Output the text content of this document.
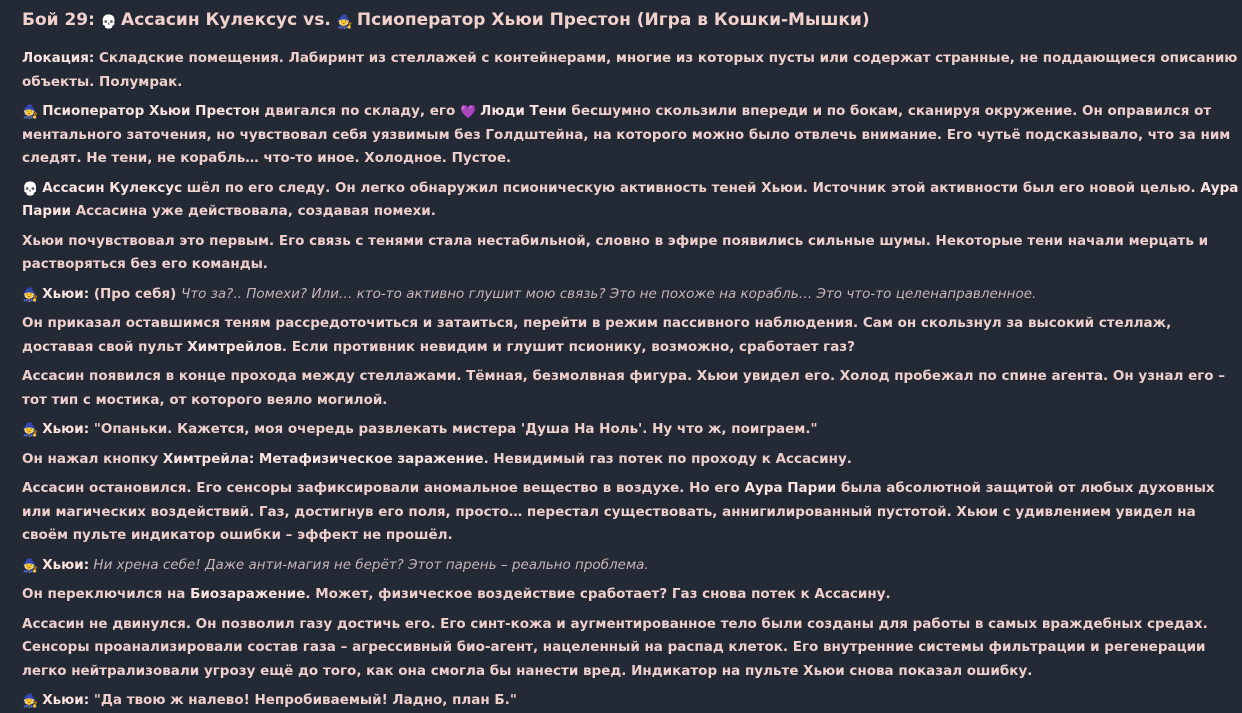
Бой 29: 💀 Ассасин Кулексус vs. 🧙 Псиоператор Хьюи Престон (Игра в Кошки-Мышки)
Локация: Складские помещения. Лабиринт из стеллажей с контейнерами, многие из которых пусты или содержат странные, не поддающиеся описанию объекты. Полумрак.
🧙 Псиоператор Хьюи Престон двигался по складу, его 💜 Люди Тени бесшумно скользили впереди и по бокам, сканируя окружение. Он оправился от ментального заточения, но чувствовал себя уязвимым без Голдштейна, на которого можно было отвлечь внимание. Его чутьё подсказывало, что за ним следят. Не тени, не корабль… что-то иное. Холодное. Пустое.
💀 Ассасин Кулексус шёл по его следу. Он легко обнаружил псионическую активность теней Хьюи. Источник этой активности был его новой целью. Аура Парии Ассасина уже действовала, создавая помехи.
Хьюи почувствовал это первым. Его связь с тенями стала нестабильной, словно в эфире появились сильные шумы. Некоторые тени начали мерцать и растворяться без его команды.
🧙 Хьюи: (Про себя) Что за?.. Помехи? Или… кто-то активно глушит мою связь? Это не похоже на корабль… Это что-то целенаправленное.
Он приказал оставшимся теням рассредоточиться и затаиться, перейти в режим пассивного наблюдения. Сам он скользнул за высокий стеллаж, доставая свой пульт Химтрейлов. Если противник невидим и глушит псионику, возможно, сработает газ?
Ассасин появился в конце прохода между стеллажами. Тёмная, безмолвная фигура. Хьюи увидел его. Холод пробежал по спине агента. Он узнал его – тот тип с мостика, от которого веяло могилой.
🧙 Хьюи: "Опаньки. Кажется, моя очередь развлекать мистера 'Душа На Ноль'. Ну что ж, поиграем."
Он нажал кнопку Химтрейла: Метафизическое заражение. Невидимый газ потек по проходу к Ассасину.
Ассасин остановился. Его сенсоры зафиксировали аномальное вещество в воздухе. Но его Аура Парии была абсолютной защитой от любых духовных или магических воздействий. Газ, достигнув его поля, просто… перестал существовать, аннигилированный пустотой. Хьюи с удивлением увидел на своём пульте индикатор ошибки – эффект не прошёл.
🧙 Хьюи: Ни хрена себе! Даже анти-магия не берёт? Этот парень – реально проблема.
Он переключился на Биозаражение. Может, физическое воздействие сработает? Газ снова потек к Ассасину.
Ассасин не двинулся. Он позволил газу достичь его. Его синт-кожа и аугментированное тело были созданы для работы в самых враждебных средах. Сенсоры проанализировали состав газа – агрессивный био-агент, нацеленный на распад клеток. Его внутренние системы фильтрации и регенерации легко нейтрализовали угрозу ещё до того, как она смогла бы нанести вред. Индикатор на пульте Хьюи снова показал ошибку.
🧙 Хьюи: "Да твою ж налево! Непробиваемый! Ладно, план Б."
